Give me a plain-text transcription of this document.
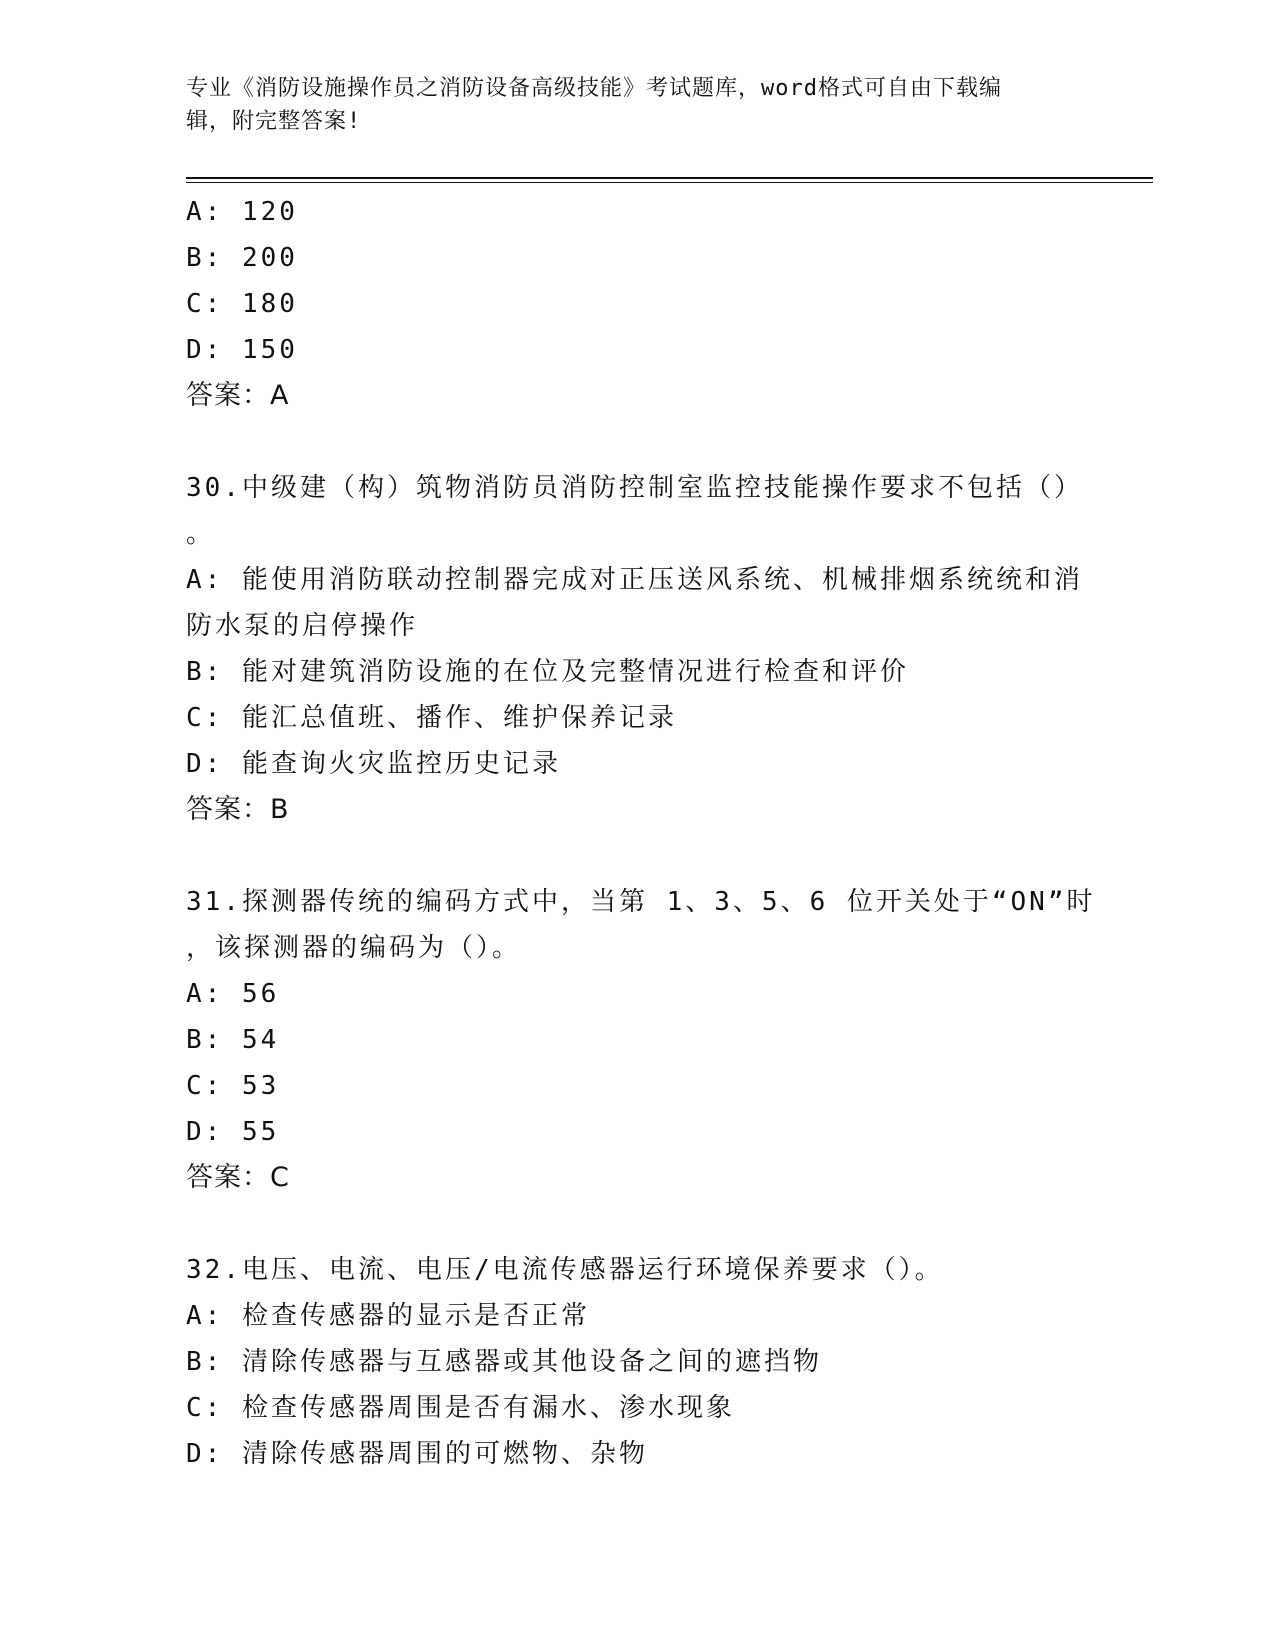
专业《消防设施操作员之消防设备高级技能》考试题库，word格式可自由下载编
辑，附完整答案!
A: 120
B: 200
C: 180
D: 150
答案：A
30.中级建（构）筑物消防员消防控制室监控技能操作要求不包括（）
。
A: 能使用消防联动控制器完成对正压送风系统、机械排烟系统统和消
防水泵的启停操作
B: 能对建筑消防设施的在位及完整情况进行检查和评价
C: 能汇总值班、播作、维护保养记录
D: 能查询火灾监控历史记录
答案：B
31.探测器传统的编码方式中，当第 1、3、5、6 位开关处于“ON”时
，该探测器的编码为（）。
A: 56
B: 54
C: 53
D: 55
答案：C
32.电压、电流、电压/电流传感器运行环境保养要求（）。
A: 检查传感器的显示是否正常
B: 清除传感器与互感器或其他设备之间的遮挡物
C: 检查传感器周围是否有漏水、渗水现象
D: 清除传感器周围的可燃物、杂物
